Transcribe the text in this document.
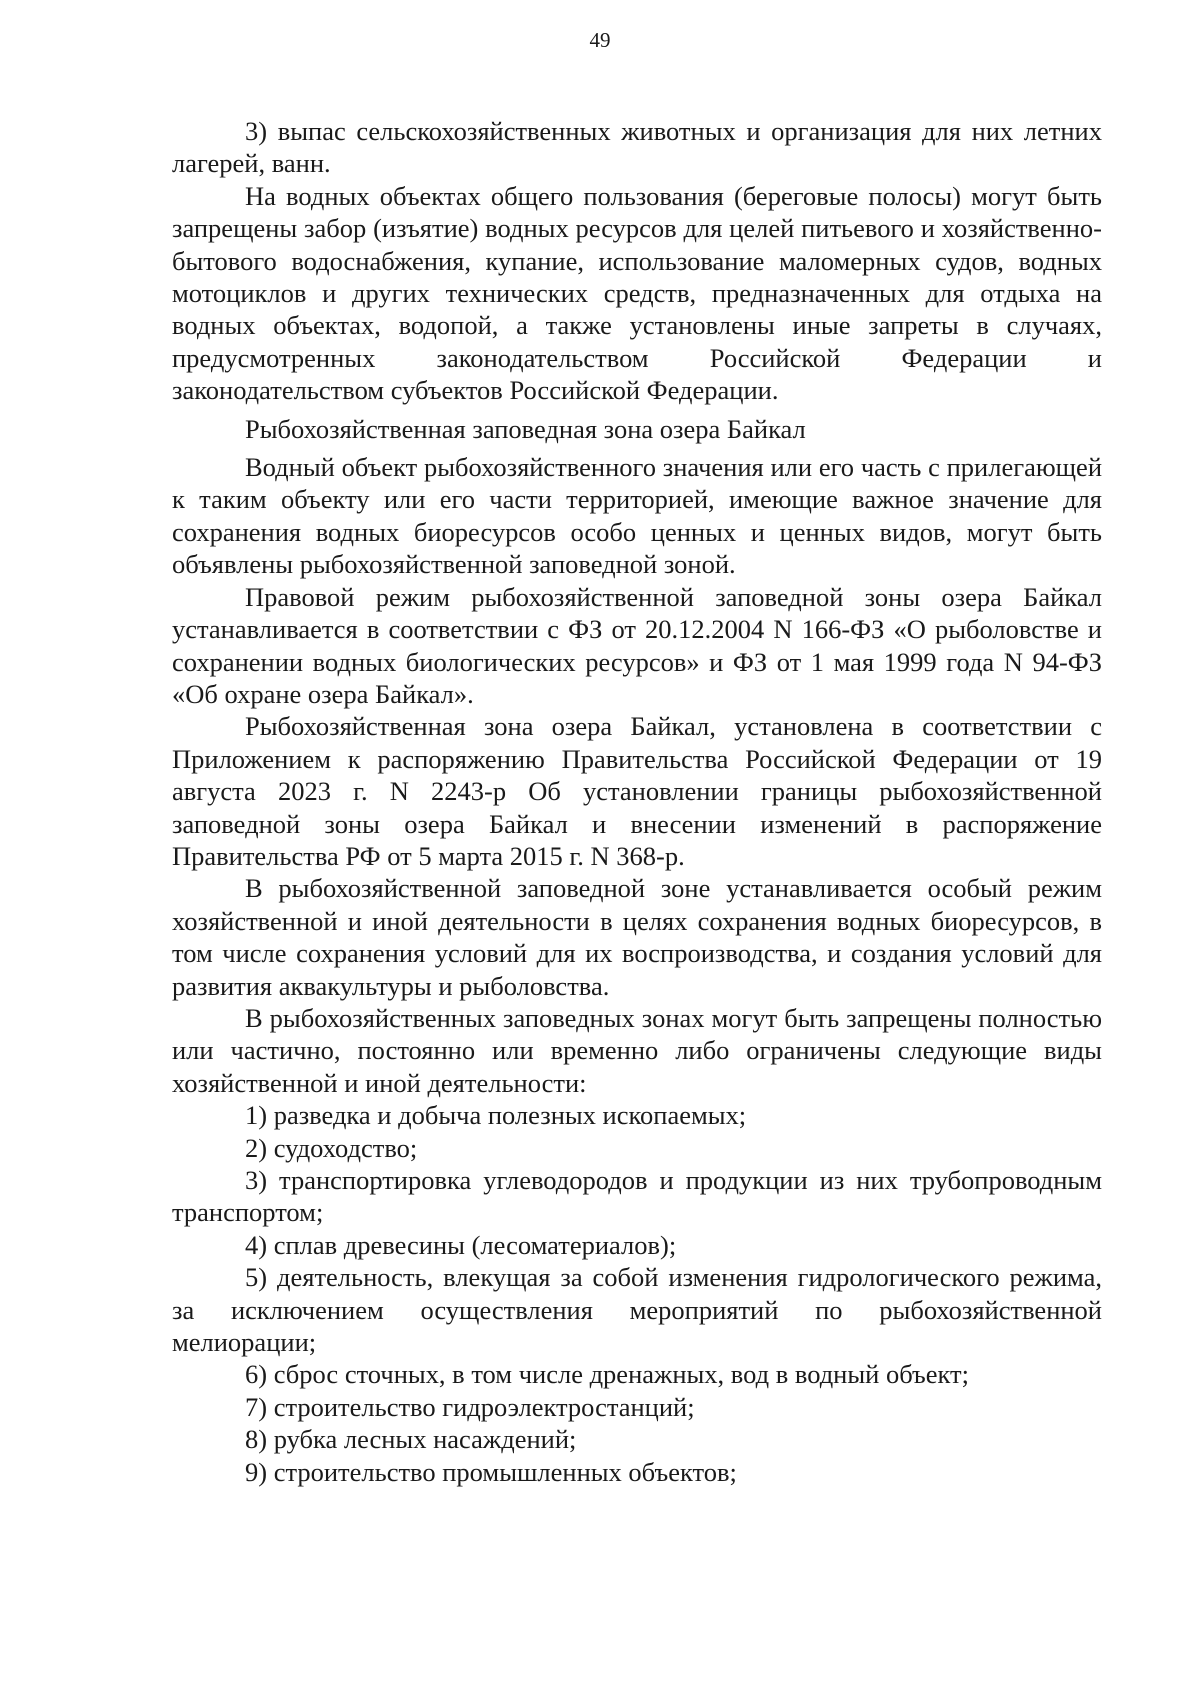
49

3) выпас сельскохозяйственных животных и организация для них летних лагерей, ванн.

На водных объектах общего пользования (береговые полосы) могут быть запрещены забор (изъятие) водных ресурсов для целей питьевого и хозяйственно-бытового водоснабжения, купание, использование маломерных судов, водных мотоциклов и других технических средств, предназначенных для отдыха на водных объектах, водопой, а также установлены иные запреты в случаях, предусмотренных законодательством Российской Федерации и законодательством субъектов Российской Федерации.

Рыбохозяйственная заповедная зона озера Байкал

Водный объект рыбохозяйственного значения или его часть с прилегающей к таким объекту или его части территорией, имеющие важное значение для сохранения водных биоресурсов особо ценных и ценных видов, могут быть объявлены рыбохозяйственной заповедной зоной.

Правовой режим рыбохозяйственной заповедной зоны озера Байкал устанавливается в соответствии с ФЗ от 20.12.2004 N 166-ФЗ «О рыболовстве и сохранении водных биологических ресурсов» и ФЗ от 1 мая 1999 года N 94-ФЗ «Об охране озера Байкал».

Рыбохозяйственная зона озера Байкал, установлена в соответствии с Приложением к распоряжению Правительства Российской Федерации от 19 августа 2023 г. N 2243-р Об установлении границы рыбохозяйственной заповедной зоны озера Байкал и внесении изменений в распоряжение Правительства РФ от 5 марта 2015 г. N 368-р.

В рыбохозяйственной заповедной зоне устанавливается особый режим хозяйственной и иной деятельности в целях сохранения водных биоресурсов, в том числе сохранения условий для их воспроизводства, и создания условий для развития аквакультуры и рыболовства.

В рыбохозяйственных заповедных зонах могут быть запрещены полностью или частично, постоянно или временно либо ограничены следующие виды хозяйственной и иной деятельности:

1) разведка и добыча полезных ископаемых;

2) судоходство;

3) транспортировка углеводородов и продукции из них трубопроводным транспортом;

4) сплав древесины (лесоматериалов);

5) деятельность, влекущая за собой изменения гидрологического режима, за исключением осуществления мероприятий по рыбохозяйственной мелиорации;

6) сброс сточных, в том числе дренажных, вод в водный объект;

7) строительство гидроэлектростанций;

8) рубка лесных насаждений;

9) строительство промышленных объектов;
